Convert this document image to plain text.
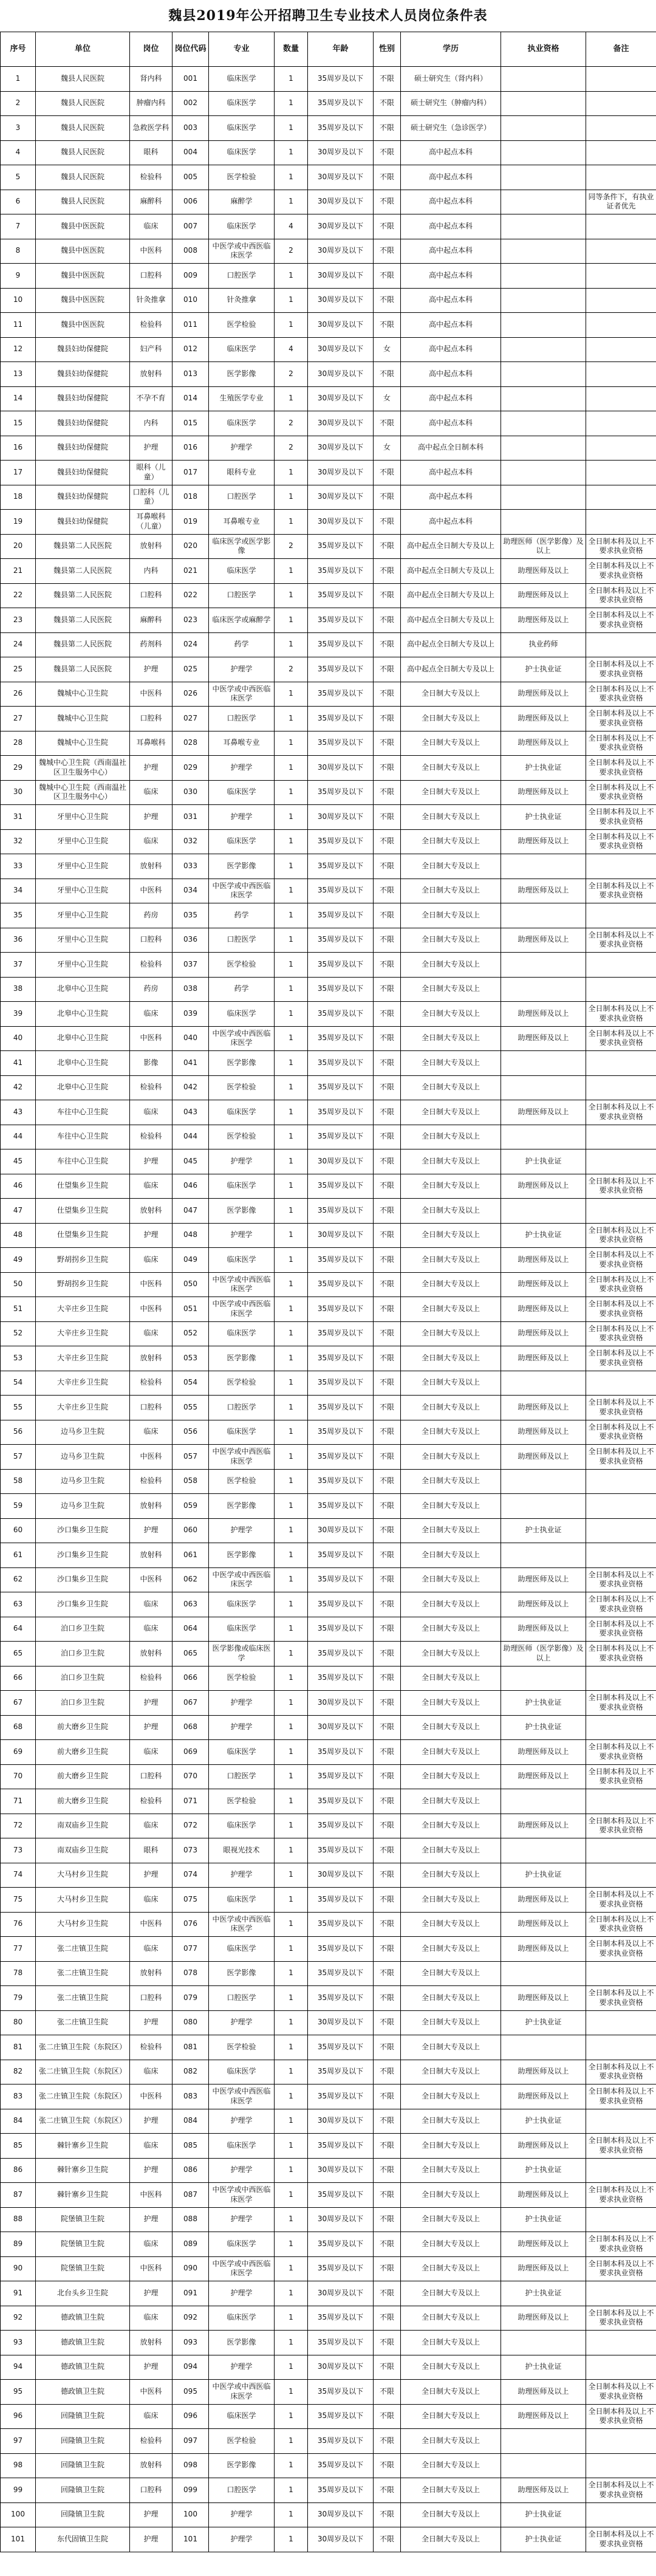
魏县2019年公开招聘卫生专业技术人员岗位条件表
序号	单位	岗位	岗位代码	专业	数量	年龄	性别	学历	执业资格	备注
1	魏县人民医院	肾内科	001	临床医学	1	35周岁及以下	不限	硕士研究生（肾内科）		
2	魏县人民医院	肿瘤内科	002	临床医学	1	35周岁及以下	不限	硕士研究生（肿瘤内科）		
3	魏县人民医院	急救医学科	003	临床医学	1	35周岁及以下	不限	硕士研究生（急诊医学）		
4	魏县人民医院	眼科	004	临床医学	1	30周岁及以下	不限	高中起点本科		
5	魏县人民医院	检验科	005	医学检验	1	30周岁及以下	不限	高中起点本科		
6	魏县人民医院	麻醉科	006	麻醉学	1	30周岁及以下	不限	高中起点本科		同等条件下，有执业证者优先
7	魏县中医医院	临床	007	临床医学	4	30周岁及以下	不限	高中起点本科		
8	魏县中医医院	中医科	008	中医学或中西医临床医学	2	30周岁及以下	不限	高中起点本科		
9	魏县中医医院	口腔科	009	口腔医学	1	30周岁及以下	不限	高中起点本科		
10	魏县中医医院	针灸推拿	010	针灸推拿	1	30周岁及以下	不限	高中起点本科		
11	魏县中医医院	检验科	011	医学检验	1	30周岁及以下	不限	高中起点本科		
12	魏县妇幼保健院	妇产科	012	临床医学	4	30周岁及以下	女	高中起点本科		
13	魏县妇幼保健院	放射科	013	医学影像	2	30周岁及以下	不限	高中起点本科		
14	魏县妇幼保健院	不孕不育	014	生殖医学专业	1	30周岁及以下	女	高中起点本科		
15	魏县妇幼保健院	内科	015	临床医学	2	30周岁及以下	不限	高中起点本科		
16	魏县妇幼保健院	护理	016	护理学	2	30周岁及以下	女	高中起点全日制本科		
17	魏县妇幼保健院	眼科（儿童）	017	眼科专业	1	30周岁及以下	不限	高中起点本科		
18	魏县妇幼保健院	口腔科（儿童）	018	口腔医学	1	30周岁及以下	不限	高中起点本科		
19	魏县妇幼保健院	耳鼻喉科（儿童）	019	耳鼻喉专业	1	30周岁及以下	不限	高中起点本科		
20	魏县第二人民医院	放射科	020	临床医学或医学影像	2	35周岁及以下	不限	高中起点全日制大专及以上	助理医师（医学影像）及以上	全日制本科及以上不要求执业资格
21	魏县第二人民医院	内科	021	临床医学	1	35周岁及以下	不限	高中起点全日制大专及以上	助理医师及以上	全日制本科及以上不要求执业资格
22	魏县第二人民医院	口腔科	022	口腔医学	1	35周岁及以下	不限	高中起点全日制大专及以上	助理医师及以上	全日制本科及以上不要求执业资格
23	魏县第二人民医院	麻醉科	023	临床医学或麻醉学	1	35周岁及以下	不限	高中起点全日制大专及以上	助理医师及以上	全日制本科及以上不要求执业资格
24	魏县第二人民医院	药剂科	024	药学	1	35周岁及以下	不限	高中起点全日制大专及以上	执业药师	
25	魏县第二人民医院	护理	025	护理学	2	35周岁及以下	不限	高中起点全日制大专及以上	护士执业证	全日制本科及以上不要求执业资格
26	魏城中心卫生院	中医科	026	中医学或中西医临床医学	1	35周岁及以下	不限	全日制大专及以上	助理医师及以上	全日制本科及以上不要求执业资格
27	魏城中心卫生院	口腔科	027	口腔医学	1	35周岁及以下	不限	全日制大专及以上	助理医师及以上	全日制本科及以上不要求执业资格
28	魏城中心卫生院	耳鼻喉科	028	耳鼻喉专业	1	35周岁及以下	不限	全日制大专及以上	助理医师及以上	全日制本科及以上不要求执业资格
29	魏城中心卫生院（西南温社区卫生服务中心）	护理	029	护理学	1	30周岁及以下	不限	全日制大专及以上	护士执业证	全日制本科及以上不要求执业资格
30	魏城中心卫生院（西南温社区卫生服务中心）	临床	030	临床医学	1	35周岁及以下	不限	全日制大专及以上	助理医师及以上	全日制本科及以上不要求执业资格
31	牙里中心卫生院	护理	031	护理学	1	30周岁及以下	不限	全日制大专及以上	护士执业证	全日制本科及以上不要求执业资格
32	牙里中心卫生院	临床	032	临床医学	1	35周岁及以下	不限	全日制大专及以上	助理医师及以上	全日制本科及以上不要求执业资格
33	牙里中心卫生院	放射科	033	医学影像	1	35周岁及以下	不限	全日制大专及以上		
34	牙里中心卫生院	中医科	034	中医学或中西医临床医学	1	35周岁及以下	不限	全日制大专及以上	助理医师及以上	全日制本科及以上不要求执业资格
35	牙里中心卫生院	药房	035	药学	1	35周岁及以下	不限	全日制大专及以上		
36	牙里中心卫生院	口腔科	036	口腔医学	1	35周岁及以下	不限	全日制大专及以上	助理医师及以上	全日制本科及以上不要求执业资格
37	牙里中心卫生院	检验科	037	医学检验	1	35周岁及以下	不限	全日制大专及以上		
38	北皋中心卫生院	药房	038	药学	1	35周岁及以下	不限	全日制大专及以上		
39	北皋中心卫生院	临床	039	临床医学	1	35周岁及以下	不限	全日制大专及以上	助理医师及以上	全日制本科及以上不要求执业资格
40	北皋中心卫生院	中医科	040	中医学或中西医临床医学	1	35周岁及以下	不限	全日制大专及以上	助理医师及以上	全日制本科及以上不要求执业资格
41	北皋中心卫生院	影像	041	医学影像	1	35周岁及以下	不限	全日制大专及以上		
42	北皋中心卫生院	检验科	042	医学检验	1	35周岁及以下	不限	全日制大专及以上		
43	车往中心卫生院	临床	043	临床医学	1	35周岁及以下	不限	全日制大专及以上	助理医师及以上	全日制本科及以上不要求执业资格
44	车往中心卫生院	检验科	044	医学检验	1	35周岁及以下	不限	全日制大专及以上		
45	车往中心卫生院	护理	045	护理学	1	30周岁及以下	不限	全日制大专及以上	护士执业证	
46	仕望集乡卫生院	临床	046	临床医学	1	35周岁及以下	不限	全日制大专及以上	助理医师及以上	全日制本科及以上不要求执业资格
47	仕望集乡卫生院	放射科	047	医学影像	1	35周岁及以下	不限	全日制大专及以上		
48	仕望集乡卫生院	护理	048	护理学	1	30周岁及以下	不限	全日制大专及以上	护士执业证	全日制本科及以上不要求执业资格
49	野胡拐乡卫生院	临床	049	临床医学	1	35周岁及以下	不限	全日制大专及以上	助理医师及以上	全日制本科及以上不要求执业资格
50	野胡拐乡卫生院	中医科	050	中医学或中西医临床医学	1	35周岁及以下	不限	全日制大专及以上	助理医师及以上	全日制本科及以上不要求执业资格
51	大辛庄乡卫生院	中医科	051	中医学或中西医临床医学	1	35周岁及以下	不限	全日制大专及以上	助理医师及以上	全日制本科及以上不要求执业资格
52	大辛庄乡卫生院	临床	052	临床医学	1	35周岁及以下	不限	全日制大专及以上	助理医师及以上	全日制本科及以上不要求执业资格
53	大辛庄乡卫生院	放射科	053	医学影像	1	35周岁及以下	不限	全日制大专及以上	助理医师及以上	全日制本科及以上不要求执业资格
54	大辛庄乡卫生院	检验科	054	医学检验	1	35周岁及以下	不限	全日制大专及以上		
55	大辛庄乡卫生院	口腔科	055	口腔医学	1	35周岁及以下	不限	全日制大专及以上	助理医师及以上	全日制本科及以上不要求执业资格
56	边马乡卫生院	临床	056	临床医学	1	35周岁及以下	不限	全日制大专及以上	助理医师及以上	全日制本科及以上不要求执业资格
57	边马乡卫生院	中医科	057	中医学或中西医临床医学	1	35周岁及以下	不限	全日制大专及以上	助理医师及以上	全日制本科及以上不要求执业资格
58	边马乡卫生院	检验科	058	医学检验	1	35周岁及以下	不限	全日制大专及以上		
59	边马乡卫生院	放射科	059	医学影像	1	35周岁及以下	不限	全日制大专及以上		
60	沙口集乡卫生院	护理	060	护理学	1	30周岁及以下	不限	全日制大专及以上	护士执业证	
61	沙口集乡卫生院	放射科	061	医学影像	1	35周岁及以下	不限	全日制大专及以上		
62	沙口集乡卫生院	中医科	062	中医学或中西医临床医学	1	35周岁及以下	不限	全日制大专及以上	助理医师及以上	全日制本科及以上不要求执业资格
63	沙口集乡卫生院	临床	063	临床医学	1	35周岁及以下	不限	全日制大专及以上	助理医师及以上	全日制本科及以上不要求执业资格
64	泊口乡卫生院	临床	064	临床医学	1	35周岁及以下	不限	全日制大专及以上	助理医师及以上	全日制本科及以上不要求执业资格
65	泊口乡卫生院	放射科	065	医学影像或临床医学	1	35周岁及以下	不限	全日制大专及以上	助理医师（医学影像）及以上	全日制本科及以上不要求执业资格
66	泊口乡卫生院	检验科	066	医学检验	1	35周岁及以下	不限	全日制大专及以上		
67	泊口乡卫生院	护理	067	护理学	1	30周岁及以下	不限	全日制大专及以上	护士执业证	全日制本科及以上不要求执业资格
68	前大磨乡卫生院	护理	068	护理学	1	30周岁及以下	不限	全日制大专及以上	护士执业证	
69	前大磨乡卫生院	临床	069	临床医学	1	35周岁及以下	不限	全日制大专及以上	助理医师及以上	全日制本科及以上不要求执业资格
70	前大磨乡卫生院	口腔科	070	口腔医学	1	35周岁及以下	不限	全日制大专及以上	助理医师及以上	全日制本科及以上不要求执业资格
71	前大磨乡卫生院	检验科	071	医学检验	1	35周岁及以下	不限	全日制大专及以上		
72	南双庙乡卫生院	临床	072	临床医学	1	35周岁及以下	不限	全日制大专及以上	助理医师及以上	全日制本科及以上不要求执业资格
73	南双庙乡卫生院	眼科	073	眼视光技术	1	35周岁及以下	不限	全日制大专及以上		
74	大马村乡卫生院	护理	074	护理学	1	30周岁及以下	不限	全日制大专及以上	护士执业证	
75	大马村乡卫生院	临床	075	临床医学	1	35周岁及以下	不限	全日制大专及以上	助理医师及以上	全日制本科及以上不要求执业资格
76	大马村乡卫生院	中医科	076	中医学或中西医临床医学	1	35周岁及以下	不限	全日制大专及以上	助理医师及以上	全日制本科及以上不要求执业资格
77	张二庄镇卫生院	临床	077	临床医学	1	35周岁及以下	不限	全日制大专及以上	助理医师及以上	全日制本科及以上不要求执业资格
78	张二庄镇卫生院	放射科	078	医学影像	1	35周岁及以下	不限	全日制大专及以上		
79	张二庄镇卫生院	口腔科	079	口腔医学	1	35周岁及以下	不限	全日制大专及以上	助理医师及以上	全日制本科及以上不要求执业资格
80	张二庄镇卫生院	护理	080	护理学	1	30周岁及以下	不限	全日制大专及以上	护士执业证	
81	张二庄镇卫生院（东院区）	检验科	081	医学检验	1	35周岁及以下	不限	全日制大专及以上		
82	张二庄镇卫生院（东院区）	临床	082	临床医学	1	35周岁及以下	不限	全日制大专及以上	助理医师及以上	全日制本科及以上不要求执业资格
83	张二庄镇卫生院（东院区）	中医科	083	中医学或中西医临床医学	1	35周岁及以下	不限	全日制大专及以上	助理医师及以上	全日制本科及以上不要求执业资格
84	张二庄镇卫生院（东院区）	护理	084	护理学	1	30周岁及以下	不限	全日制大专及以上	护士执业证	
85	棘针寨乡卫生院	临床	085	临床医学	1	35周岁及以下	不限	全日制大专及以上	助理医师及以上	全日制本科及以上不要求执业资格
86	棘针寨乡卫生院	护理	086	护理学	1	30周岁及以下	不限	全日制大专及以上	护士执业证	
87	棘针寨乡卫生院	中医科	087	中医学或中西医临床医学	1	35周岁及以下	不限	全日制大专及以上	助理医师及以上	全日制本科及以上不要求执业资格
88	院堡镇卫生院	护理	088	护理学	1	30周岁及以下	不限	全日制大专及以上	护士执业证	
89	院堡镇卫生院	临床	089	临床医学	1	35周岁及以下	不限	全日制大专及以上	助理医师及以上	全日制本科及以上不要求执业资格
90	院堡镇卫生院	中医科	090	中医学或中西医临床医学	1	35周岁及以下	不限	全日制大专及以上	助理医师及以上	全日制本科及以上不要求执业资格
91	北台头乡卫生院	护理	091	护理学	1	30周岁及以下	不限	全日制大专及以上	护士执业证	
92	德政镇卫生院	临床	092	临床医学	1	35周岁及以下	不限	全日制大专及以上	助理医师及以上	全日制本科及以上不要求执业资格
93	德政镇卫生院	放射科	093	医学影像	1	35周岁及以下	不限	全日制大专及以上		
94	德政镇卫生院	护理	094	护理学	1	30周岁及以下	不限	全日制大专及以上	护士执业证	
95	德政镇卫生院	中医科	095	中医学或中西医临床医学	1	35周岁及以下	不限	全日制大专及以上	助理医师及以上	全日制本科及以上不要求执业资格
96	回隆镇卫生院	临床	096	临床医学	1	35周岁及以下	不限	全日制大专及以上	助理医师及以上	全日制本科及以上不要求执业资格
97	回隆镇卫生院	检验科	097	医学检验	1	35周岁及以下	不限	全日制大专及以上		
98	回隆镇卫生院	放射科	098	医学影像	1	35周岁及以下	不限	全日制大专及以上		
99	回隆镇卫生院	口腔科	099	口腔医学	1	35周岁及以下	不限	全日制大专及以上	助理医师及以上	全日制本科及以上不要求执业资格
100	回隆镇卫生院	护理	100	护理学	1	30周岁及以下	不限	全日制大专及以上	护士执业证	
101	东代固镇卫生院	护理	101	护理学	1	30周岁及以下	不限	全日制大专及以上	护士执业证	全日制本科及以上不要求执业资格
